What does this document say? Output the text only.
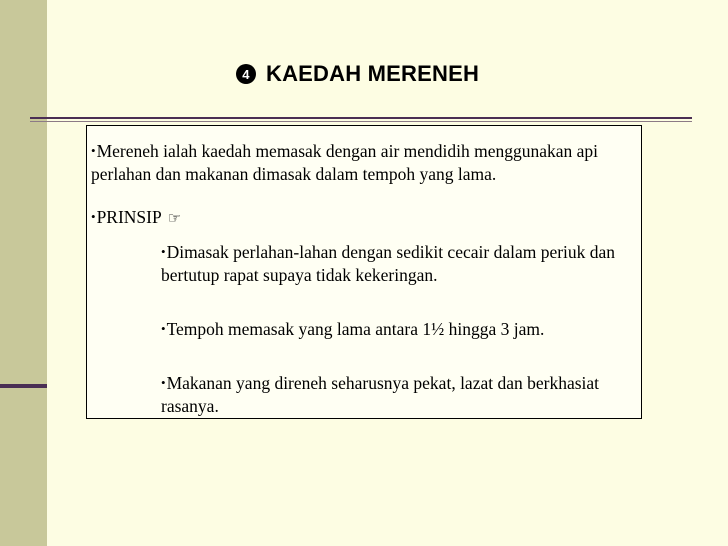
4 KAEDAH MERENEH

•Mereneh ialah kaedah memasak dengan air mendidih menggunakan api perlahan dan makanan dimasak dalam tempoh yang lama.

•PRINSIP ☞

•Dimasak perlahan-lahan dengan sedikit cecair dalam periuk dan bertutup rapat supaya tidak kekeringan.

•Tempoh memasak yang lama antara 1½ hingga 3 jam.

•Makanan yang direneh seharusnya pekat, lazat dan berkhasiat rasanya.
